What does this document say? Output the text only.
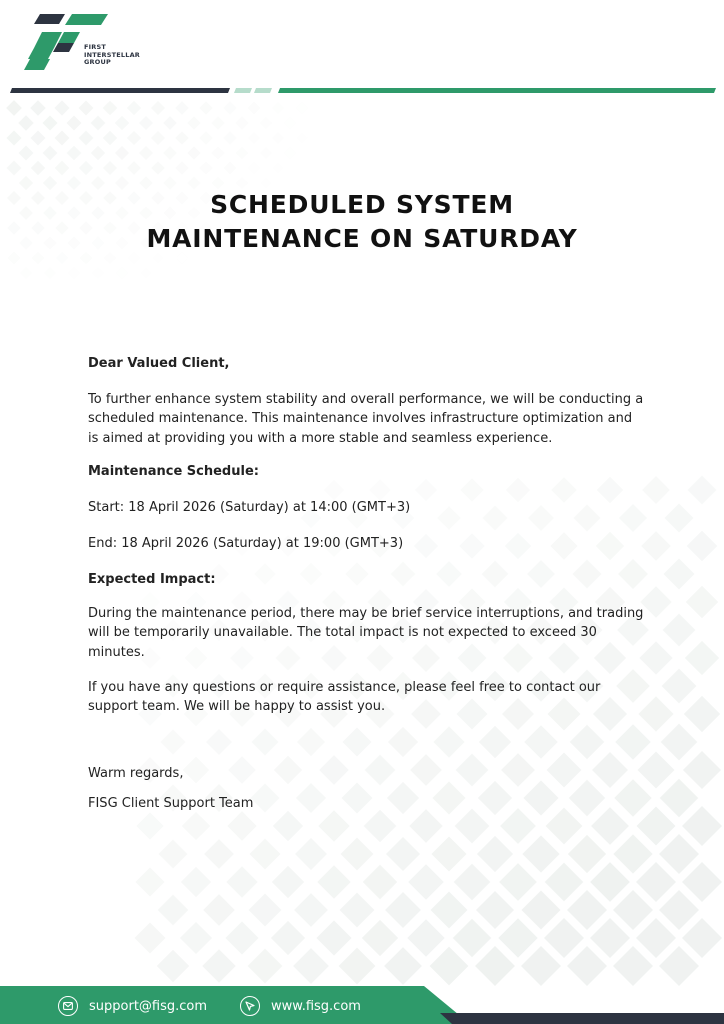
FIRST
INTERSTELLAR
GROUP
SCHEDULED SYSTEM
MAINTENANCE ON SATURDAY

Dear Valued Client,

To further enhance system stability and overall performance, we will be conducting a scheduled maintenance. This maintenance involves infrastructure optimization and is aimed at providing you with a more stable and seamless experience.

Maintenance Schedule:

Start: 18 April 2026 (Saturday) at 14:00 (GMT+3)

End: 18 April 2026 (Saturday) at 19:00 (GMT+3)

Expected Impact:

During the maintenance period, there may be brief service interruptions, and trading will be temporarily unavailable. The total impact is not expected to exceed 30 minutes.

If you have any questions or require assistance, please feel free to contact our support team. We will be happy to assist you.

Warm regards,

FISG Client Support Team

support@fisg.com	www.fisg.com
